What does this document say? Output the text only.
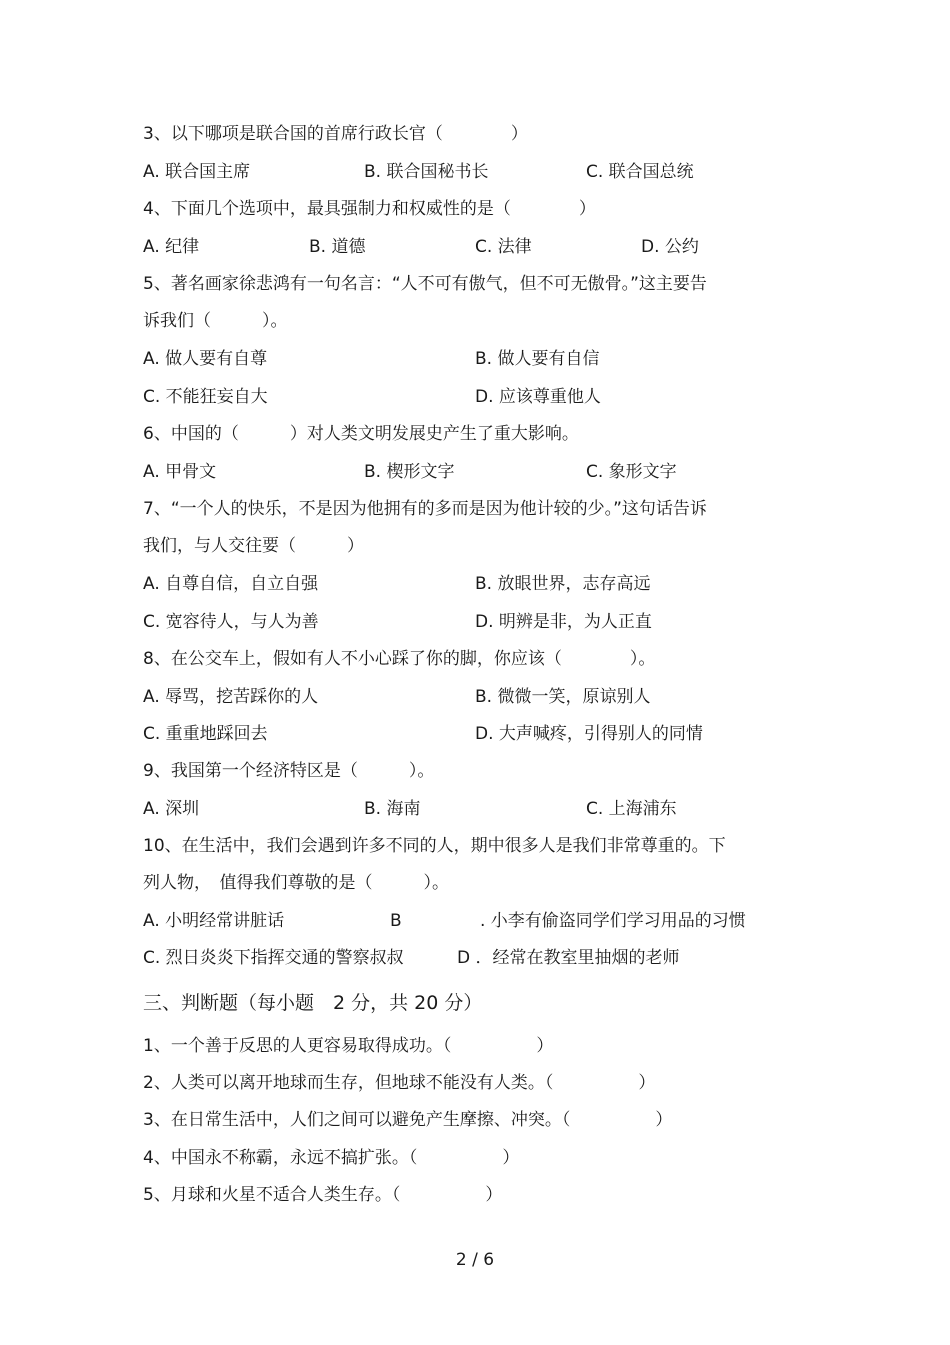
3、以下哪项是联合国的首席行政长官（　　　　）
A. 联合国主席	B. 联合国秘书长	C. 联合国总统
4、下面几个选项中，最具强制力和权威性的是（　　　　）
A. 纪律	B. 道德	C. 法律	D. 公约
5、著名画家徐悲鸿有一句名言：“人不可有傲气，但不可无傲骨。”这主要告
诉我们（　　　）。
A. 做人要有自尊	B. 做人要有自信
C. 不能狂妄自大	D. 应该尊重他人
6、中国的（　　　）对人类文明发展史产生了重大影响。
A. 甲骨文	B. 楔形文字	C. 象形文字
7、“一个人的快乐，不是因为他拥有的多而是因为他计较的少。”这句话告诉
我们，与人交往要（　　　）
A. 自尊自信，自立自强	B. 放眼世界，志存高远
C. 宽容待人，与人为善	D. 明辨是非，为人正直
8、在公交车上，假如有人不小心踩了你的脚，你应该（　　　　）。
A. 辱骂，挖苦踩你的人	B. 微微一笑，原谅别人
C. 重重地踩回去	D. 大声喊疼，引得别人的同情
9、我国第一个经济特区是（　　　）。
A. 深圳	B. 海南	C. 上海浦东
10、在生活中，我们会遇到许多不同的人，期中很多人是我们非常尊重的。下
列人物，　值得我们尊敬的是（　　　）。
A. 小明经常讲脏话	B	. 小李有偷盗同学们学习用品的习惯
C. 烈日炎炎下指挥交通的警察叔叔	D ．经常在教室里抽烟的老师
三、判断题（每小题　2 分，共 20 分）
1、一个善于反思的人更容易取得成功。（　　　　　）
2、人类可以离开地球而生存，但地球不能没有人类。（　　　　　）
3、在日常生活中，人们之间可以避免产生摩擦、冲突。（　　　　　）
4、中国永不称霸，永远不搞扩张。（　　　　　）
5、月球和火星不适合人类生存。（　　　　　）
2 / 6
